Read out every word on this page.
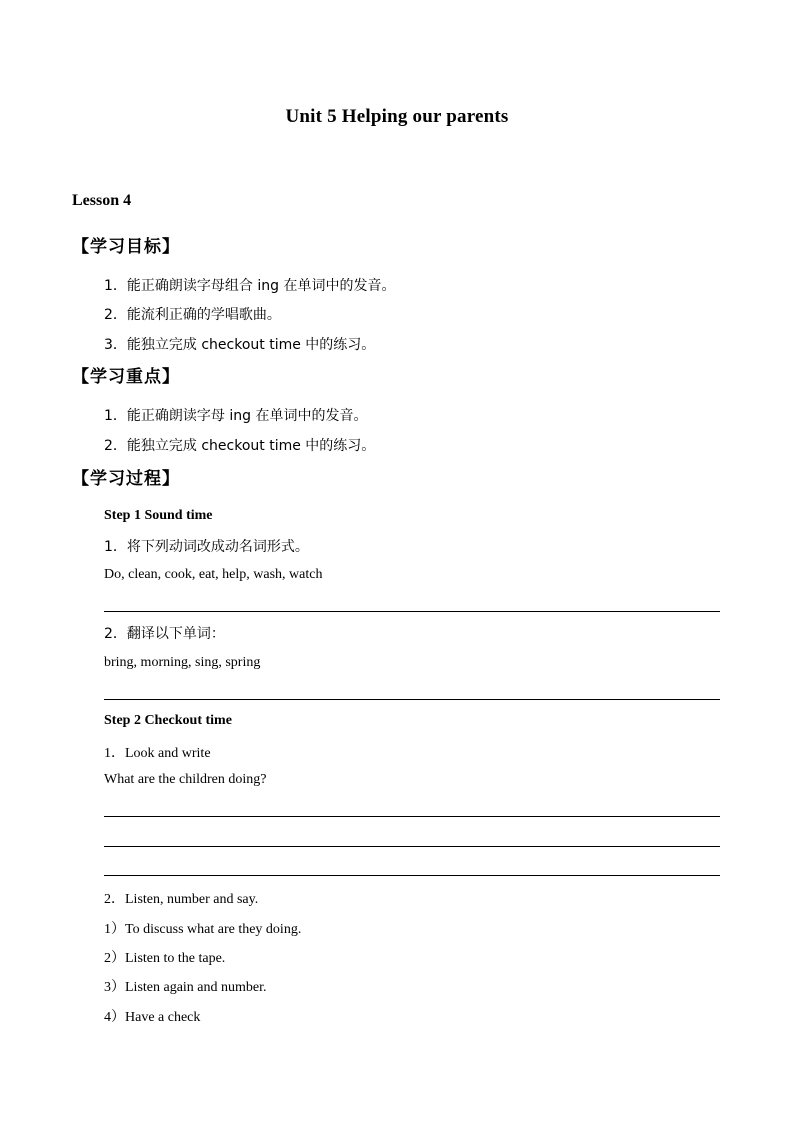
Unit 5 Helping our parents
Lesson 4
【学习目标】
1．能正确朗读字母组合 ing 在单词中的发音。
2．能流利正确的学唱歌曲。
3．能独立完成 checkout time 中的练习。
【学习重点】
1．能正确朗读字母 ing 在单词中的发音。
2．能独立完成 checkout time 中的练习。
【学习过程】
Step 1 Sound time
1．将下列动词改成动名词形式。
Do, clean, cook, eat, help, wash, watch
2．翻译以下单词：
bring, morning, sing, spring
Step 2 Checkout time
1．Look and write
What are the children doing?
2．Listen, number and say.
1）To discuss what are they doing.
2）Listen to the tape.
3）Listen again and number.
4）Have a check
